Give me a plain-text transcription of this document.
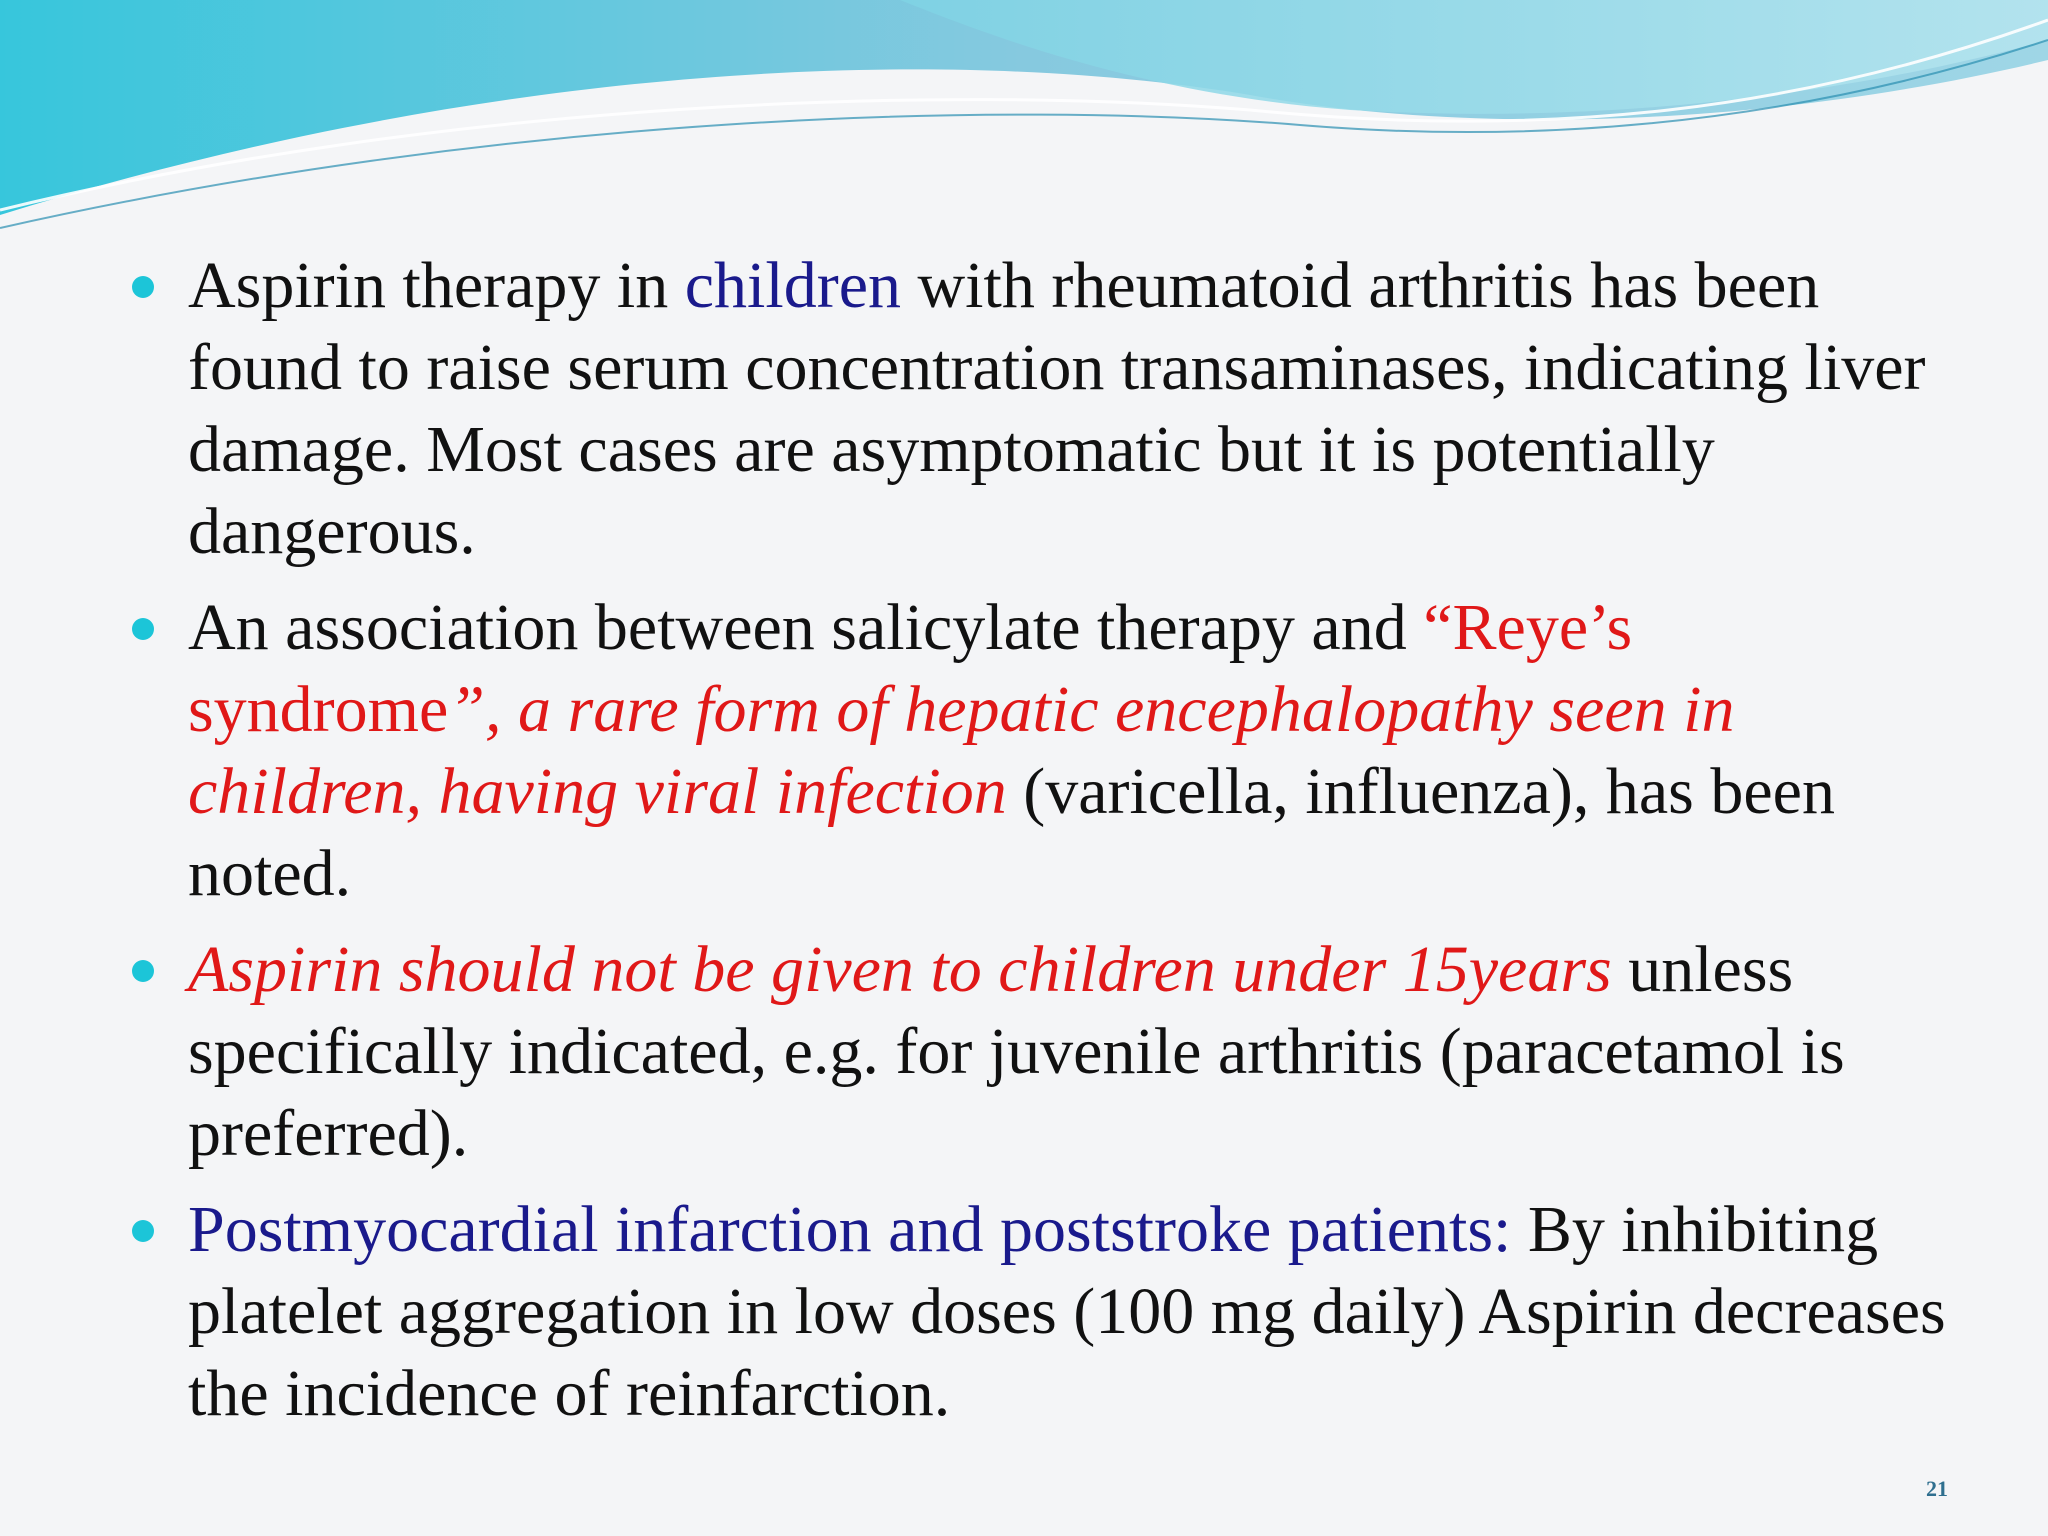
Aspirin therapy in children with rheumatoid arthritis has been found to raise serum concentration transaminases, indicating liver damage. Most cases are asymptomatic but it is potentially dangerous.
An association between salicylate therapy and “Reye’s syndrome”, a rare form of hepatic encephalopathy seen in children, having viral infection (varicella, influenza), has been noted.
Aspirin should not be given to children under 15years unless specifically indicated, e.g. for juvenile arthritis (paracetamol is preferred).
Postmyocardial infarction and poststroke patients: By inhibiting platelet aggregation in low doses (100 mg daily) Aspirin decreases the incidence of reinfarction.
21
